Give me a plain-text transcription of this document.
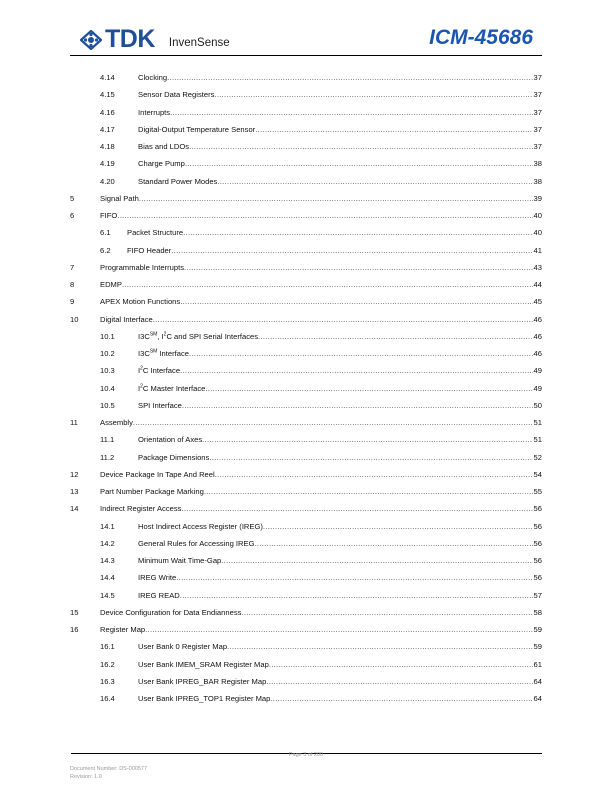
TDK InvenSense	ICM-45686
4.14	Clocking .....	37
4.15	Sensor Data Registers .....	37
4.16	Interrupts .....	37
4.17	Digital-Output Temperature Sensor .....	37
4.18	Bias and LDOs .....	37
4.19	Charge Pump .....	38
4.20	Standard Power Modes .....	38
5	Signal Path .....	39
6	FIFO .....	40
6.1 Packet Structure .....	40
6.2 FIFO Header .....	41
7	Programmable Interrupts .....	43
8	EDMP .....	44
9	APEX Motion Functions .....	45
10	Digital Interface .....	46
10.1	I3C℠, $I^2C$ and SPI Serial Interfaces .....	46
10.2	I3C℠ Interface .....	46
10.3	$I^2C$ Interface .....	49
10.4	$I^2C$ Master Interface .....	49
10.5	SPI Interface .....	50
11	Assembly .....	51
11.1	Orientation of Axes .....	51
11.2	Package Dimensions .....	52
12	Device Package In Tape And Reel .....	54
13	Part Number Package Marking .....	55
14	Indirect Register Access .....	56
14.1	Host Indirect Access Register (IREG) .....	56
14.2	General Rules for Accessing IREG .....	56
14.3	Minimum Wait Time-Gap .....	56
14.4	IREG Write .....	56
14.5	IREG READ .....	57
15	Device Configuration for Data Endianness .....	58
16	Register Map .....	59
16.1	User Bank 0 Register Map .....	59
16.2	User Bank IMEM_SRAM Register Map .....	61
16.3	User Bank IPREG_BAR Register Map .....	64
16.4	User Bank IPREG_TOP1 Register Map .....	64
Page 3 of 200
Document Number: DS-000577
Revision: 1.0
